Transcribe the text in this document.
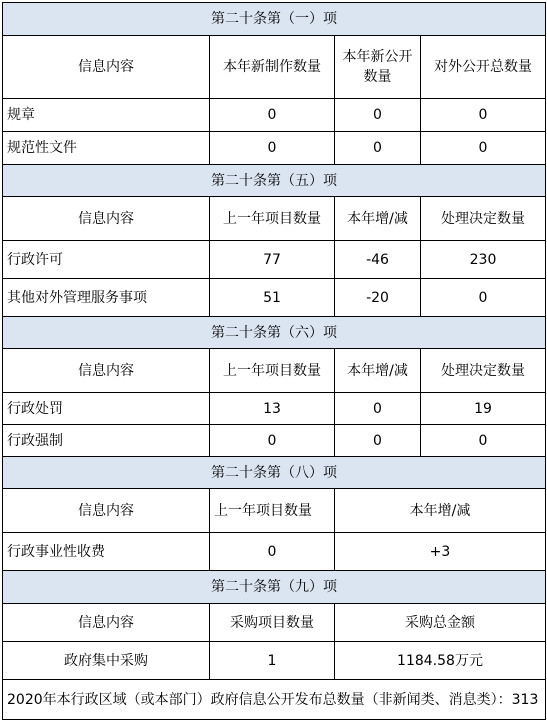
第二十条第（一）项			
信息内容	本年新制作数量	本年新公开数量	对外公开总数量
规章	0	0	0
规范性文件	0	0	0
第二十条第（五）项			
信息内容	上一年项目数量	本年增/减	处理决定数量
行政许可	77	-46	230
其他对外管理服务事项	51	-20	0
第二十条第（六）项			
信息内容	上一年项目数量	本年增/减	处理决定数量
行政处罚	13	0	19
行政强制	0	0	0
第二十条第（八）项			
信息内容	上一年项目数量	本年增/减	
行政事业性收费	0	+3	
第二十条第（九）项			
信息内容	采购项目数量	采购总金额	
政府集中采购	1	1184.58万元	
2020年本行政区域（或本部门）政府信息公开发布总数量（非新闻类、消息类）：313			
